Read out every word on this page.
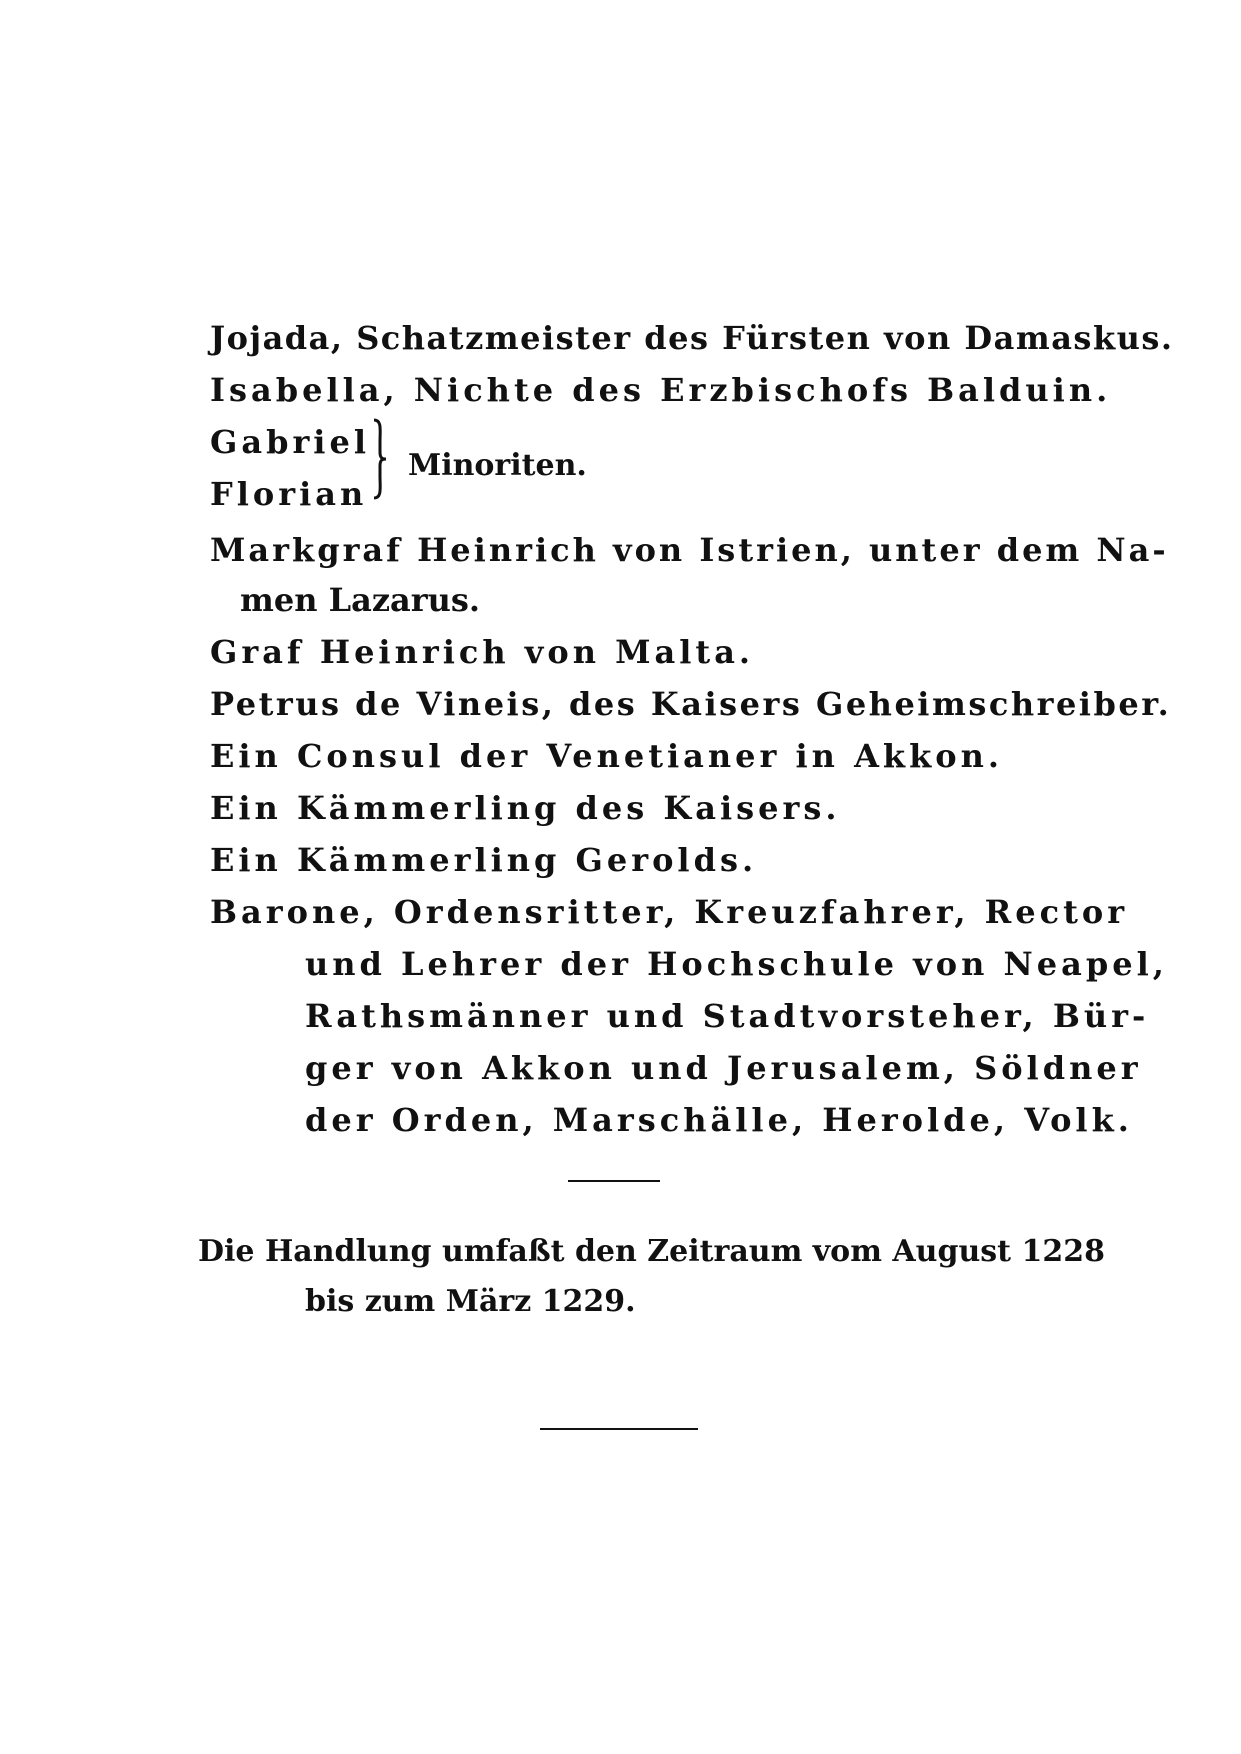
Jojada, Schatzmeister des Fürsten von Damaskus.
Isabella, Nichte des Erzbischofs Balduin.
Gabriel
Florian
Minoriten.
Markgraf Heinrich von Istrien, unter dem Na-
men Lazarus.
Graf Heinrich von Malta.
Petrus de Vineis, des Kaisers Geheimschreiber.
Ein Consul der Venetianer in Akkon.
Ein Kämmerling des Kaisers.
Ein Kämmerling Gerolds.
Barone, Ordensritter, Kreuzfahrer, Rector
und Lehrer der Hochschule von Neapel,
Rathsmänner und Stadtvorsteher, Bür-
ger von Akkon und Jerusalem, Söldner
der Orden, Marschälle, Herolde, Volk.
Die Handlung umfaßt den Zeitraum vom August 1228
bis zum März 1229.
